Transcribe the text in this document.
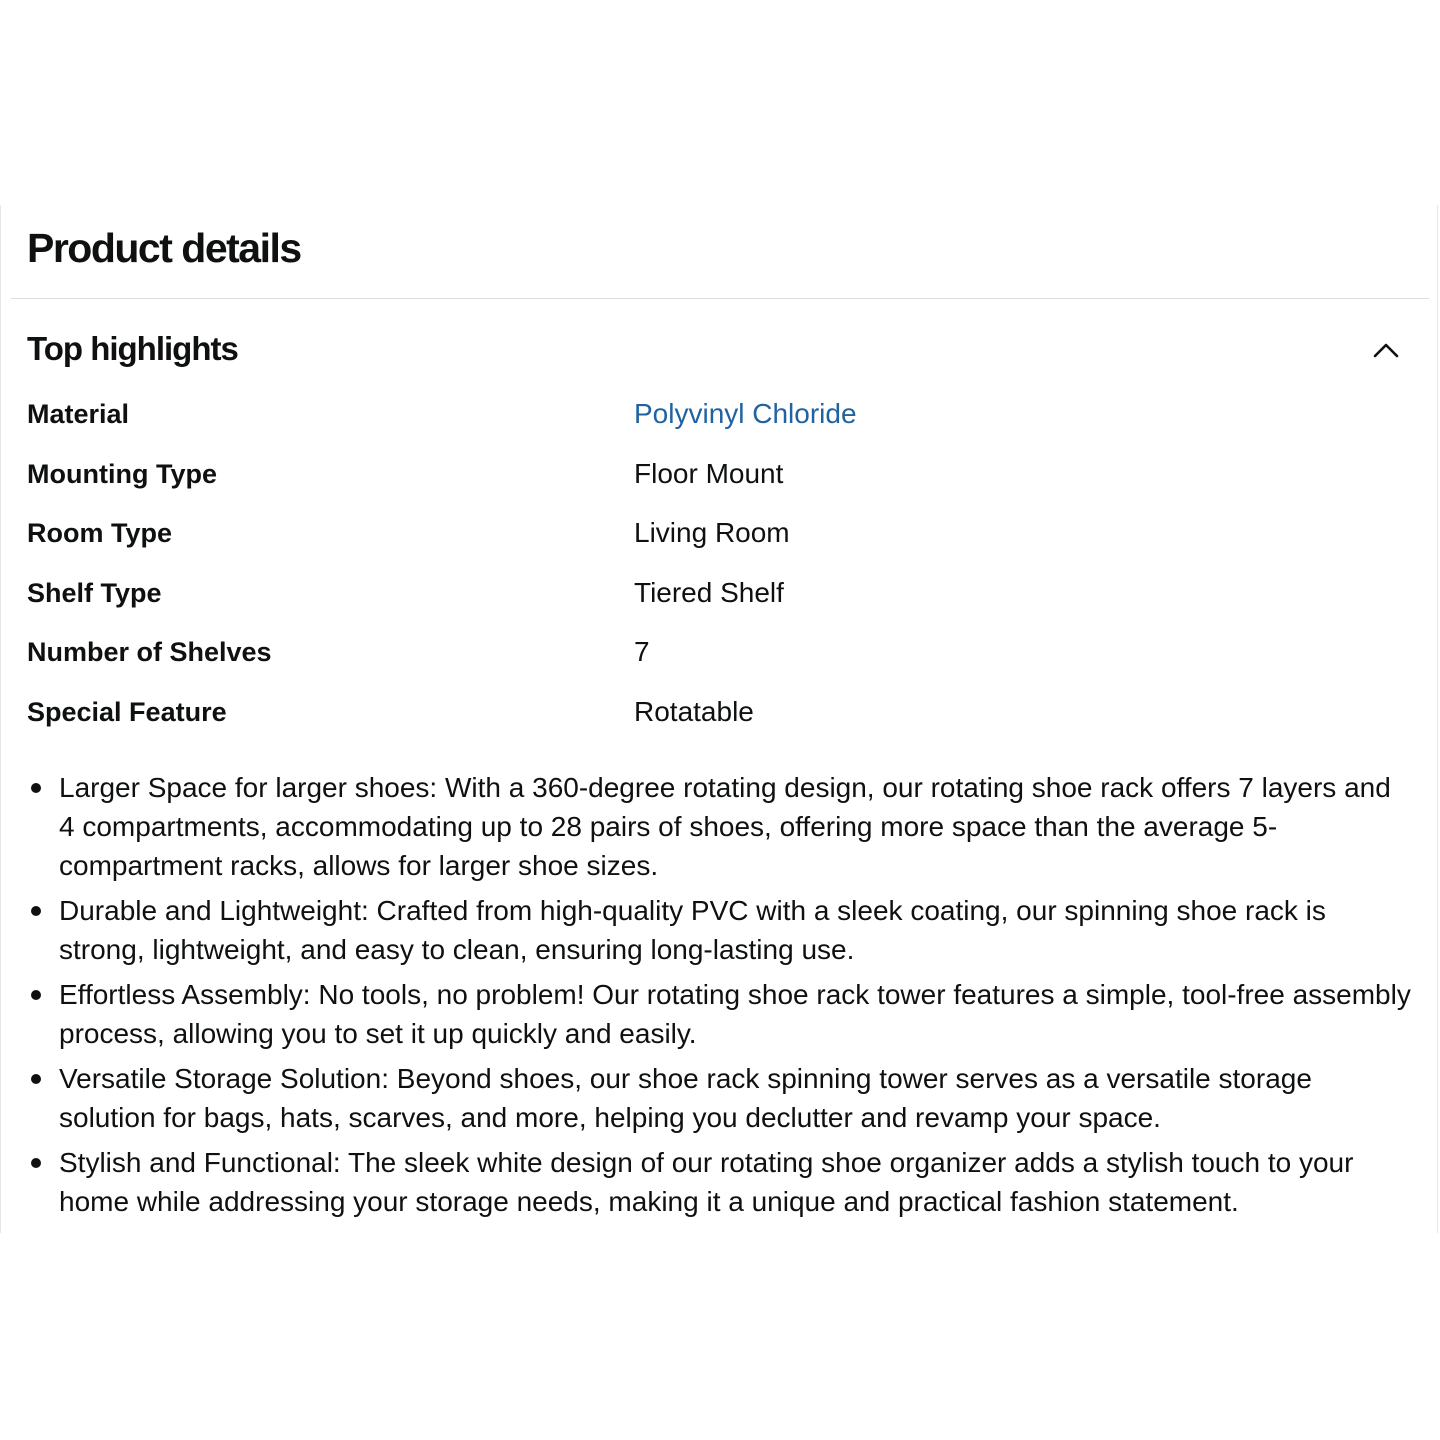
Product details
Top highlights
Material	Polyvinyl Chloride
Mounting Type	Floor Mount
Room Type	Living Room
Shelf Type	Tiered Shelf
Number of Shelves	7
Special Feature	Rotatable
Larger Space for larger shoes: With a 360-degree rotating design, our rotating shoe rack offers 7 layers and 4 compartments, accommodating up to 28 pairs of shoes, offering more space than the average 5-compartment racks, allows for larger shoe sizes.
Durable and Lightweight: Crafted from high-quality PVC with a sleek coating, our spinning shoe rack is strong, lightweight, and easy to clean, ensuring long-lasting use.
Effortless Assembly: No tools, no problem! Our rotating shoe rack tower features a simple, tool-free assembly process, allowing you to set it up quickly and easily.
Versatile Storage Solution: Beyond shoes, our shoe rack spinning tower serves as a versatile storage solution for bags, hats, scarves, and more, helping you declutter and revamp your space.
Stylish and Functional: The sleek white design of our rotating shoe organizer adds a stylish touch to your home while addressing your storage needs, making it a unique and practical fashion statement.
